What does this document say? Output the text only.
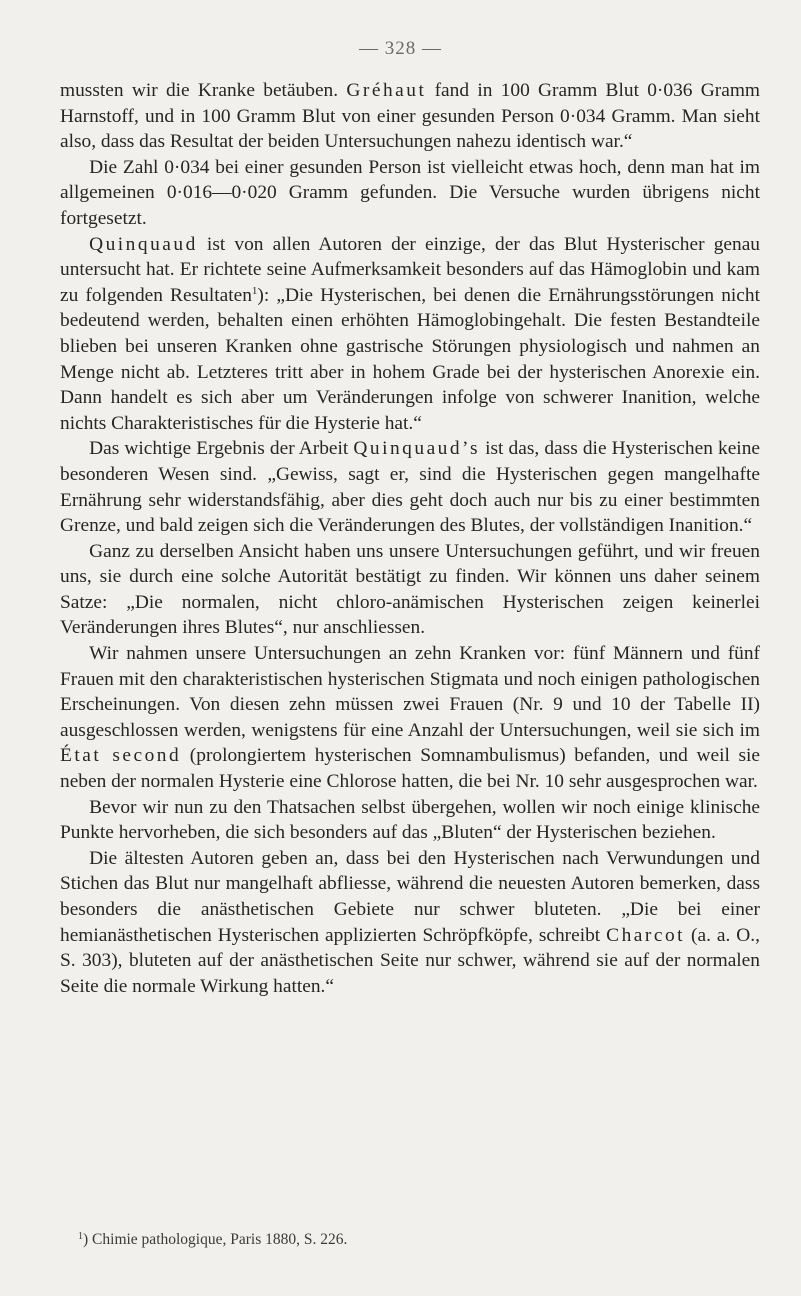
— 328 —

mussten wir die Kranke betäuben. Gréhaut fand in 100 Gramm Blut 0·036 Gramm Harnstoff, und in 100 Gramm Blut von einer gesunden Person 0·034 Gramm. Man sieht also, dass das Resultat der beiden Untersuchungen nahezu identisch war.“

Die Zahl 0·034 bei einer gesunden Person ist vielleicht etwas hoch, denn man hat im allgemeinen 0·016—0·020 Gramm gefunden. Die Versuche wurden übrigens nicht fortgesetzt.

Quinquaud ist von allen Autoren der einzige, der das Blut Hysterischer genau untersucht hat. Er richtete seine Aufmerksamkeit besonders auf das Hämoglobin und kam zu folgenden Resultaten$^1$): „Die Hysterischen, bei denen die Ernährungsstörungen nicht bedeutend werden, behalten einen erhöhten Hämoglobingehalt. Die festen Bestandteile blieben bei unseren Kranken ohne gastrische Störungen physiologisch und nahmen an Menge nicht ab. Letzteres tritt aber in hohem Grade bei der hysterischen Anorexie ein. Dann handelt es sich aber um Veränderungen infolge von schwerer Inanition, welche nichts Charakteristisches für die Hysterie hat.“

Das wichtige Ergebnis der Arbeit Quinquaud’s ist das, dass die Hysterischen keine besonderen Wesen sind. „Gewiss, sagt er, sind die Hysterischen gegen mangelhafte Ernährung sehr widerstandsfähig, aber dies geht doch auch nur bis zu einer bestimmten Grenze, und bald zeigen sich die Veränderungen des Blutes, der vollständigen Inanition.“

Ganz zu derselben Ansicht haben uns unsere Untersuchungen geführt, und wir freuen uns, sie durch eine solche Autorität bestätigt zu finden. Wir können uns daher seinem Satze: „Die normalen, nicht chloro-anämischen Hysterischen zeigen keinerlei Veränderungen ihres Blutes“, nur anschliessen.

Wir nahmen unsere Untersuchungen an zehn Kranken vor: fünf Männern und fünf Frauen mit den charakteristischen hysterischen Stigmata und noch einigen pathologischen Erscheinungen. Von diesen zehn müssen zwei Frauen (Nr. 9 und 10 der Tabelle II) ausgeschlossen werden, wenigstens für eine Anzahl der Untersuchungen, weil sie sich im État second (prolongiertem hysterischen Somnambulismus) befanden, und weil sie neben der normalen Hysterie eine Chlorose hatten, die bei Nr. 10 sehr ausgesprochen war.

Bevor wir nun zu den Thatsachen selbst übergehen, wollen wir noch einige klinische Punkte hervorheben, die sich besonders auf das „Bluten“ der Hysterischen beziehen.

Die ältesten Autoren geben an, dass bei den Hysterischen nach Verwundungen und Stichen das Blut nur mangelhaft abfliesse, während die neuesten Autoren bemerken, dass besonders die anästhetischen Gebiete nur schwer bluteten. „Die bei einer hemianästhetischen Hysterischen applizierten Schröpfköpfe, schreibt Charcot (a. a. O., S. 303), bluteten auf der anästhetischen Seite nur schwer, während sie auf der normalen Seite die normale Wirkung hatten.“

$^1$) Chimie pathologique, Paris 1880, S. 226.
